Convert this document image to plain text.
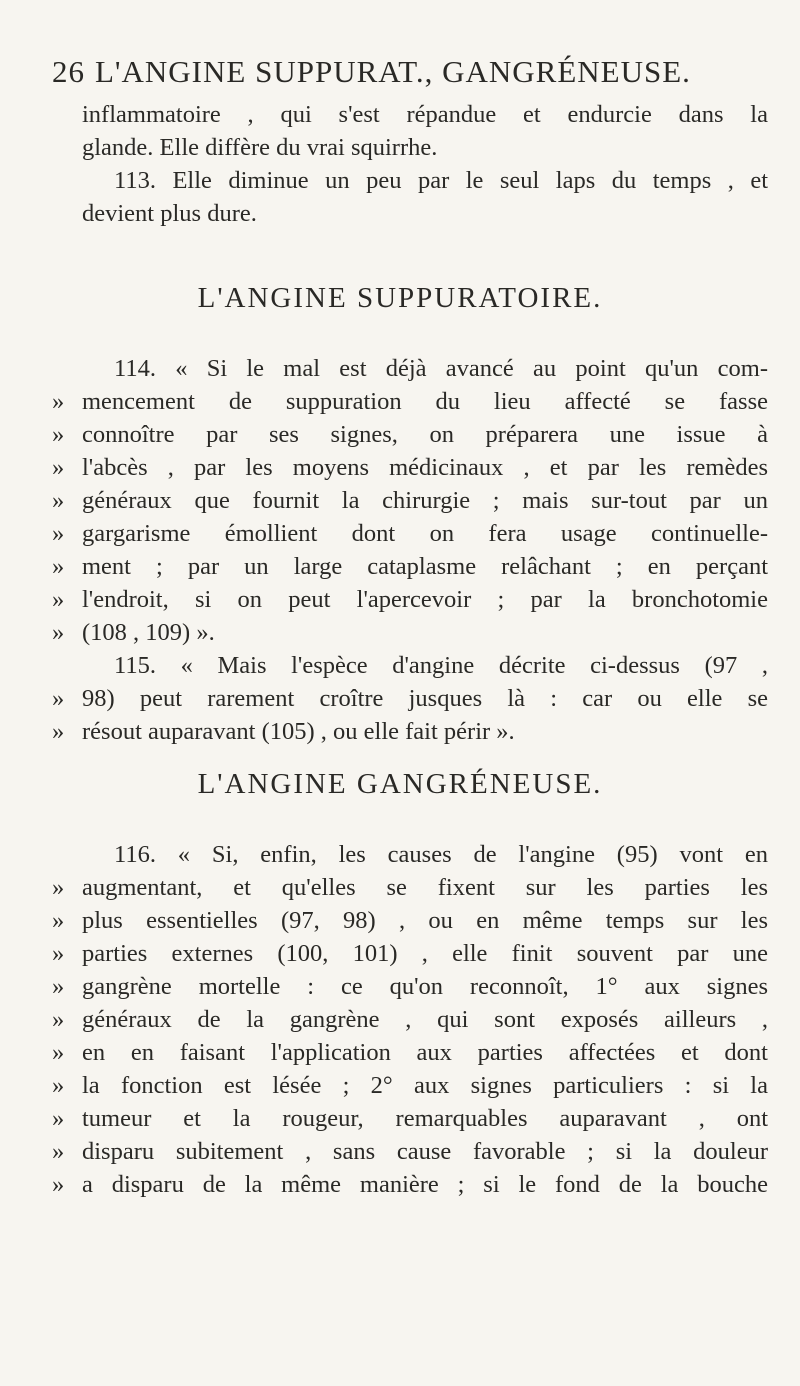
26 L'ANGINE SUPPURAT., GANGRÉNEUSE.
inflammatoire , qui s'est répandue et endurcie dans la
glande. Elle diffère du vrai squirrhe.
113. Elle diminue un peu par le seul laps du temps , et
devient plus dure.
L'ANGINE SUPPURATOIRE.
114. « Si le mal est déjà avancé au point qu'un com-
» mencement de suppuration du lieu affecté se fasse
» connoître par ses signes, on préparera une issue à
» l'abcès , par les moyens médicinaux , et par les remèdes
» généraux que fournit la chirurgie ; mais sur-tout par un
» gargarisme émollient dont on fera usage continuelle-
» ment ; par un large cataplasme relâchant ; en perçant
» l'endroit, si on peut l'apercevoir ; par la bronchotomie
» (108 , 109) ».
115. « Mais l'espèce d'angine décrite ci-dessus (97 ,
» 98) peut rarement croître jusques là : car ou elle se
» résout auparavant (105) , ou elle fait périr ».
L'ANGINE GANGRÉNEUSE.
116. « Si, enfin, les causes de l'angine (95) vont en
» augmentant, et qu'elles se fixent sur les parties les
» plus essentielles (97, 98) , ou en même temps sur les
» parties externes (100, 101) , elle finit souvent par une
» gangrène mortelle : ce qu'on reconnoît, 1° aux signes
» généraux de la gangrène , qui sont exposés ailleurs ,
» en en faisant l'application aux parties affectées et dont
» la fonction est lésée ; 2° aux signes particuliers : si la
» tumeur et la rougeur, remarquables auparavant , ont
» disparu subitement , sans cause favorable ; si la douleur
» a disparu de la même manière ; si le fond de la bouche
